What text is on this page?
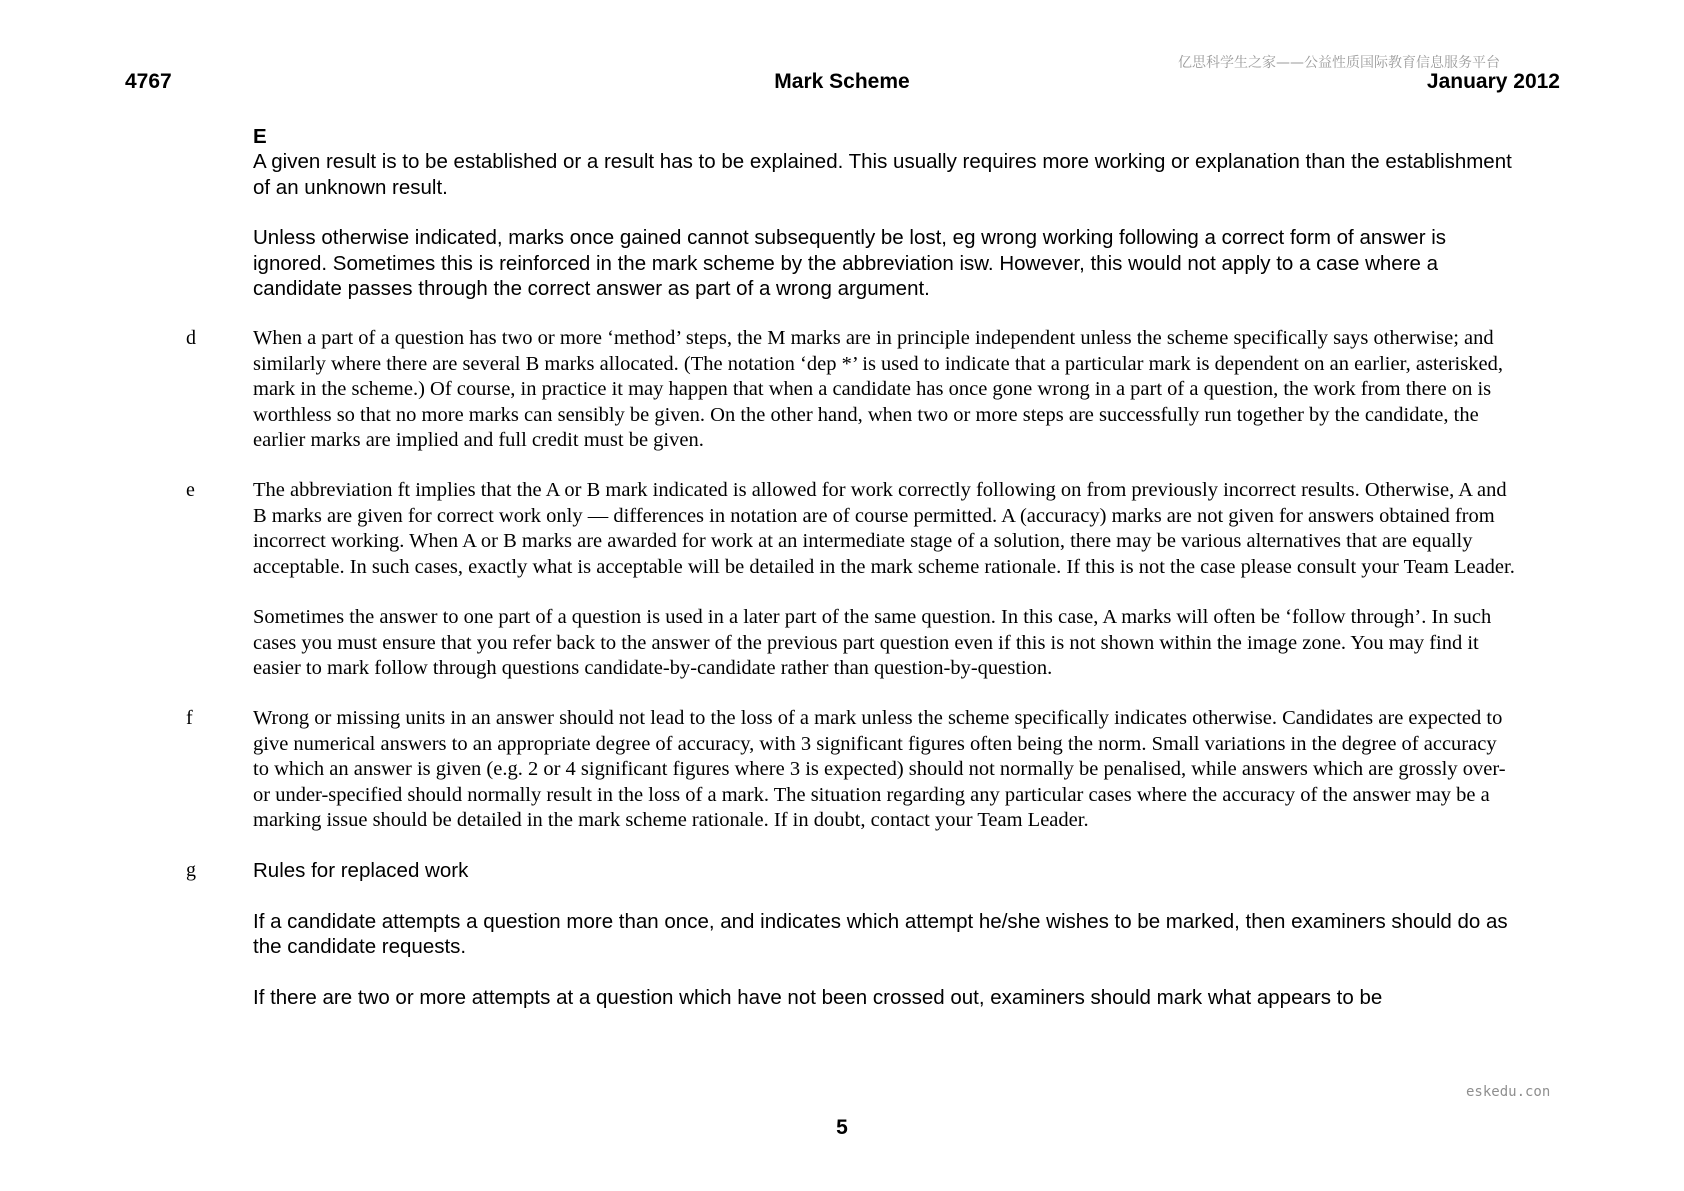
4767	Mark Scheme	January 2012
亿思科学生之家——公益性质国际教育信息服务平台

E

A given result is to be established or a result has to be explained. This usually requires more working or explanation than the establishment of an unknown result.

Unless otherwise indicated, marks once gained cannot subsequently be lost, eg wrong working following a correct form of answer is ignored. Sometimes this is reinforced in the mark scheme by the abbreviation isw. However, this would not apply to a case where a candidate passes through the correct answer as part of a wrong argument.

d	When a part of a question has two or more ‘method’ steps, the M marks are in principle independent unless the scheme specifically says otherwise; and similarly where there are several B marks allocated. (The notation ‘dep *’ is used to indicate that a particular mark is dependent on an earlier, asterisked, mark in the scheme.) Of course, in practice it may happen that when a candidate has once gone wrong in a part of a question, the work from there on is worthless so that no more marks can sensibly be given. On the other hand, when two or more steps are successfully run together by the candidate, the earlier marks are implied and full credit must be given.

e	The abbreviation ft implies that the A or B mark indicated is allowed for work correctly following on from previously incorrect results. Otherwise, A and B marks are given for correct work only — differences in notation are of course permitted. A (accuracy) marks are not given for answers obtained from incorrect working. When A or B marks are awarded for work at an intermediate stage of a solution, there may be various alternatives that are equally acceptable. In such cases, exactly what is acceptable will be detailed in the mark scheme rationale. If this is not the case please consult your Team Leader.

Sometimes the answer to one part of a question is used in a later part of the same question. In this case, A marks will often be ‘follow through’. In such cases you must ensure that you refer back to the answer of the previous part question even if this is not shown within the image zone. You may find it easier to mark follow through questions candidate-by-candidate rather than question-by-question.

f	Wrong or missing units in an answer should not lead to the loss of a mark unless the scheme specifically indicates otherwise. Candidates are expected to give numerical answers to an appropriate degree of accuracy, with 3 significant figures often being the norm. Small variations in the degree of accuracy to which an answer is given (e.g. 2 or 4 significant figures where 3 is expected) should not normally be penalised, while answers which are grossly over- or under-specified should normally result in the loss of a mark. The situation regarding any particular cases where the accuracy of the answer may be a marking issue should be detailed in the mark scheme rationale. If in doubt, contact your Team Leader.

g	Rules for replaced work

If a candidate attempts a question more than once, and indicates which attempt he/she wishes to be marked, then examiners should do as the candidate requests.

If there are two or more attempts at a question which have not been crossed out, examiners should mark what appears to be

eskedu.con
5
